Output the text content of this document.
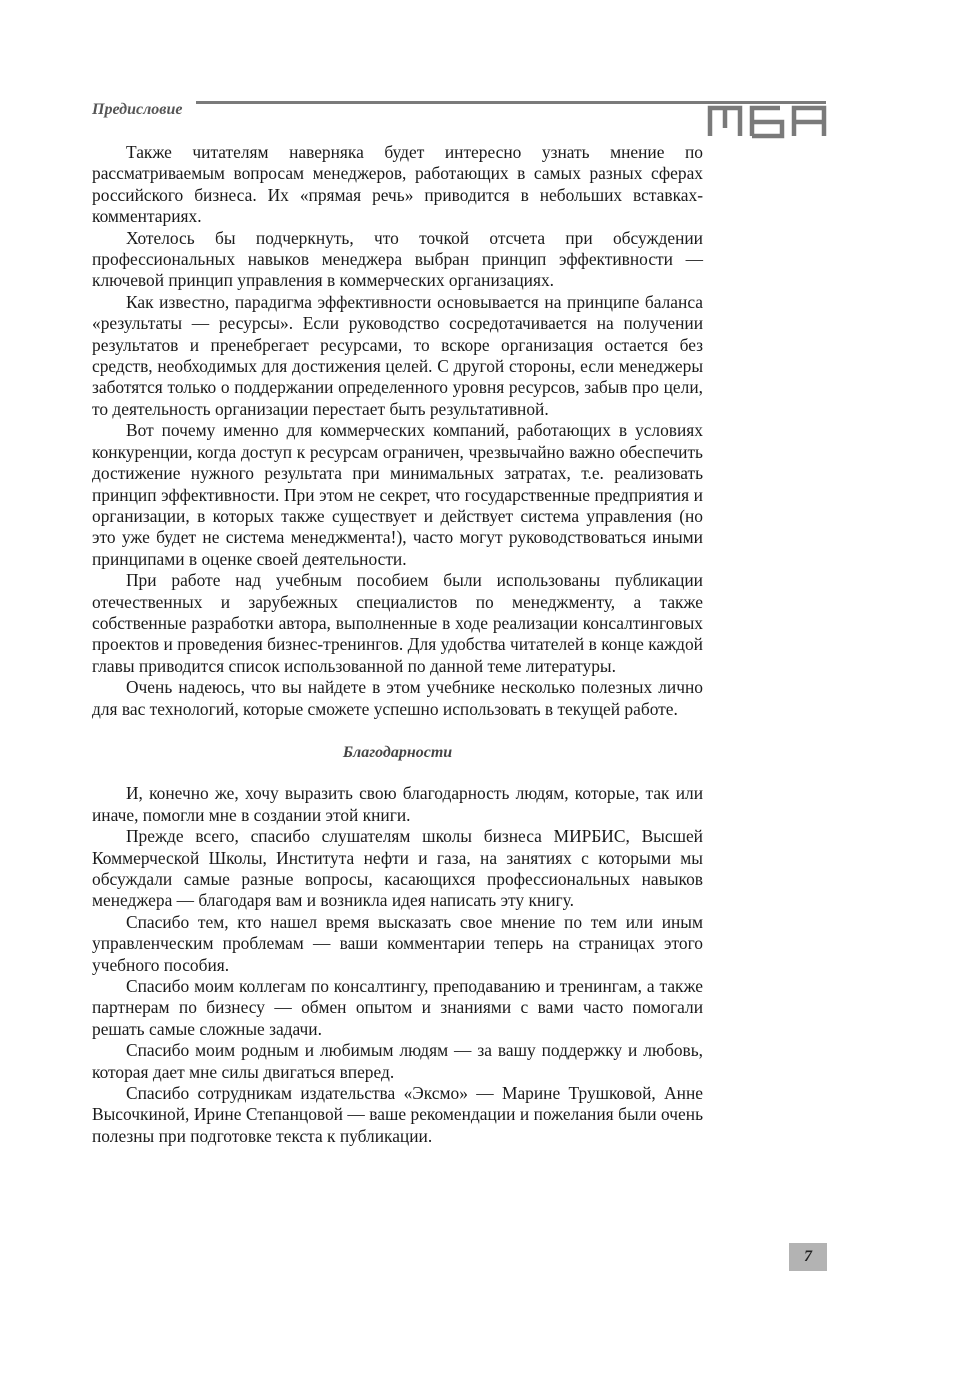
Предисловие

Также читателям наверняка будет интересно узнать мнение по рассматриваемым вопросам менеджеров, работающих в самых разных сферах российского бизнеса. Их «прямая речь» приводится в небольших вставках-комментариях.

Хотелось бы подчеркнуть, что точкой отсчета при обсуждении профессиональных навыков менеджера выбран принцип эффективности — ключевой принцип управления в коммерческих организациях.

Как известно, парадигма эффективности основывается на принципе баланса «результаты — ресурсы». Если руководство сосредотачивается на получении результатов и пренебрегает ресурсами, то вскоре организация остается без средств, необходимых для достижения целей. С другой стороны, если менеджеры заботятся только о поддержании определенного уровня ресурсов, забыв про цели, то деятельность организации перестает быть результативной.

Вот почему именно для коммерческих компаний, работающих в условиях конкуренции, когда доступ к ресурсам ограничен, чрезвычайно важно обеспечить достижение нужного результата при минимальных затратах, т.е. реализовать принцип эффективности. При этом не секрет, что государственные предприятия и организации, в которых также существует и действует система управления (но это уже будет не система менеджмента!), часто могут руководствоваться иными принципами в оценке своей деятельности.

При работе над учебным пособием были использованы публикации отечественных и зарубежных специалистов по менеджменту, а также собственные разработки автора, выполненные в ходе реализации консалтинговых проектов и проведения бизнес-тренингов. Для удобства читателей в конце каждой главы приводится список использованной по данной теме литературы.

Очень надеюсь, что вы найдете в этом учебнике несколько полезных лично для вас технологий, которые сможете успешно использовать в текущей работе.

Благодарности

И, конечно же, хочу выразить свою благодарность людям, которые, так или иначе, помогли мне в создании этой книги.

Прежде всего, спасибо слушателям школы бизнеса МИРБИС, Высшей Коммерческой Школы, Института нефти и газа, на занятиях с которыми мы обсуждали самые разные вопросы, касающихся профессиональных навыков менеджера — благодаря вам и возникла идея написать эту книгу.

Спасибо тем, кто нашел время высказать свое мнение по тем или иным управленческим проблемам — ваши комментарии теперь на страницах этого учебного пособия.

Спасибо моим коллегам по консалтингу, преподаванию и тренингам, а также партнерам по бизнесу — обмен опытом и знаниями с вами часто помогали решать самые сложные задачи.

Спасибо моим родным и любимым людям — за вашу поддержку и любовь, которая дает мне силы двигаться вперед.

Спасибо сотрудникам издательства «Эксмо» — Марине Трушковой, Анне Высочкиной, Ирине Степанцовой — ваше рекомендации и пожелания были очень полезны при подготовке текста к публикации.

7
